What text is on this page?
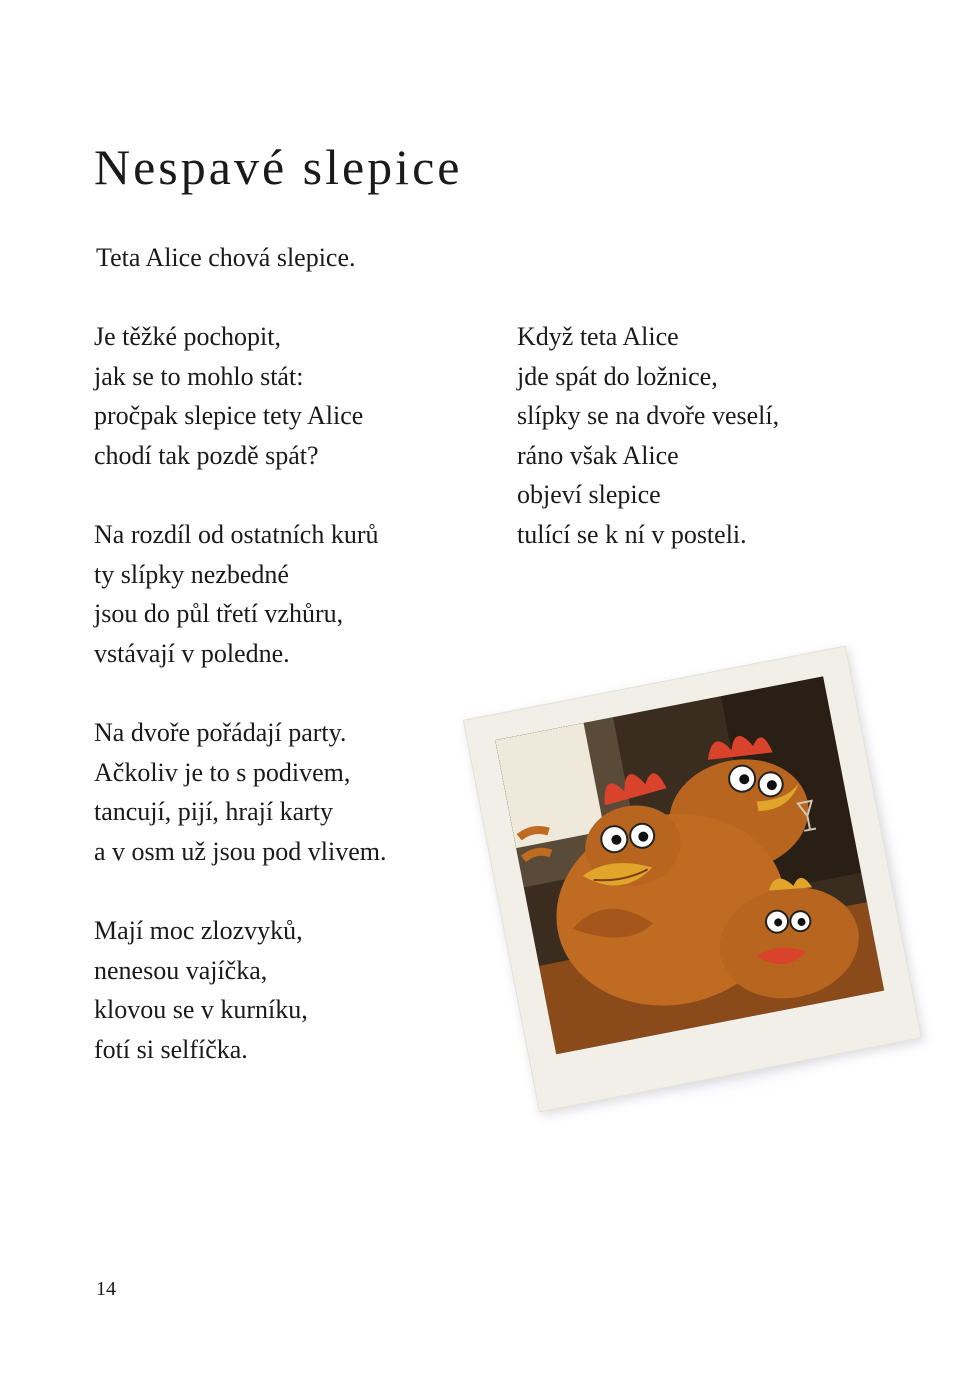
Nespavé slepice

Teta Alice chová slepice.

Je těžké pochopit,
jak se to mohlo stát:
pročpak slepice tety Alice
chodí tak pozdě spát?
Na rozdíl od ostatních kurů
ty slípky nezbedné
jsou do půl třetí vzhůru,
vstávají v poledne.
Na dvoře pořádají party.
Ačkoliv je to s podivem,
tancují, pijí, hrají karty
a v osm už jsou pod vlivem.
Mají moc zlozvyků,
nenesou vajíčka,
klovou se v kurníku,
fotí si selfíčka.
Když teta Alice
jde spát do ložnice,
slípky se na dvoře veselí,
ráno však Alice
objeví slepice
tulící se k ní v posteli.
14
